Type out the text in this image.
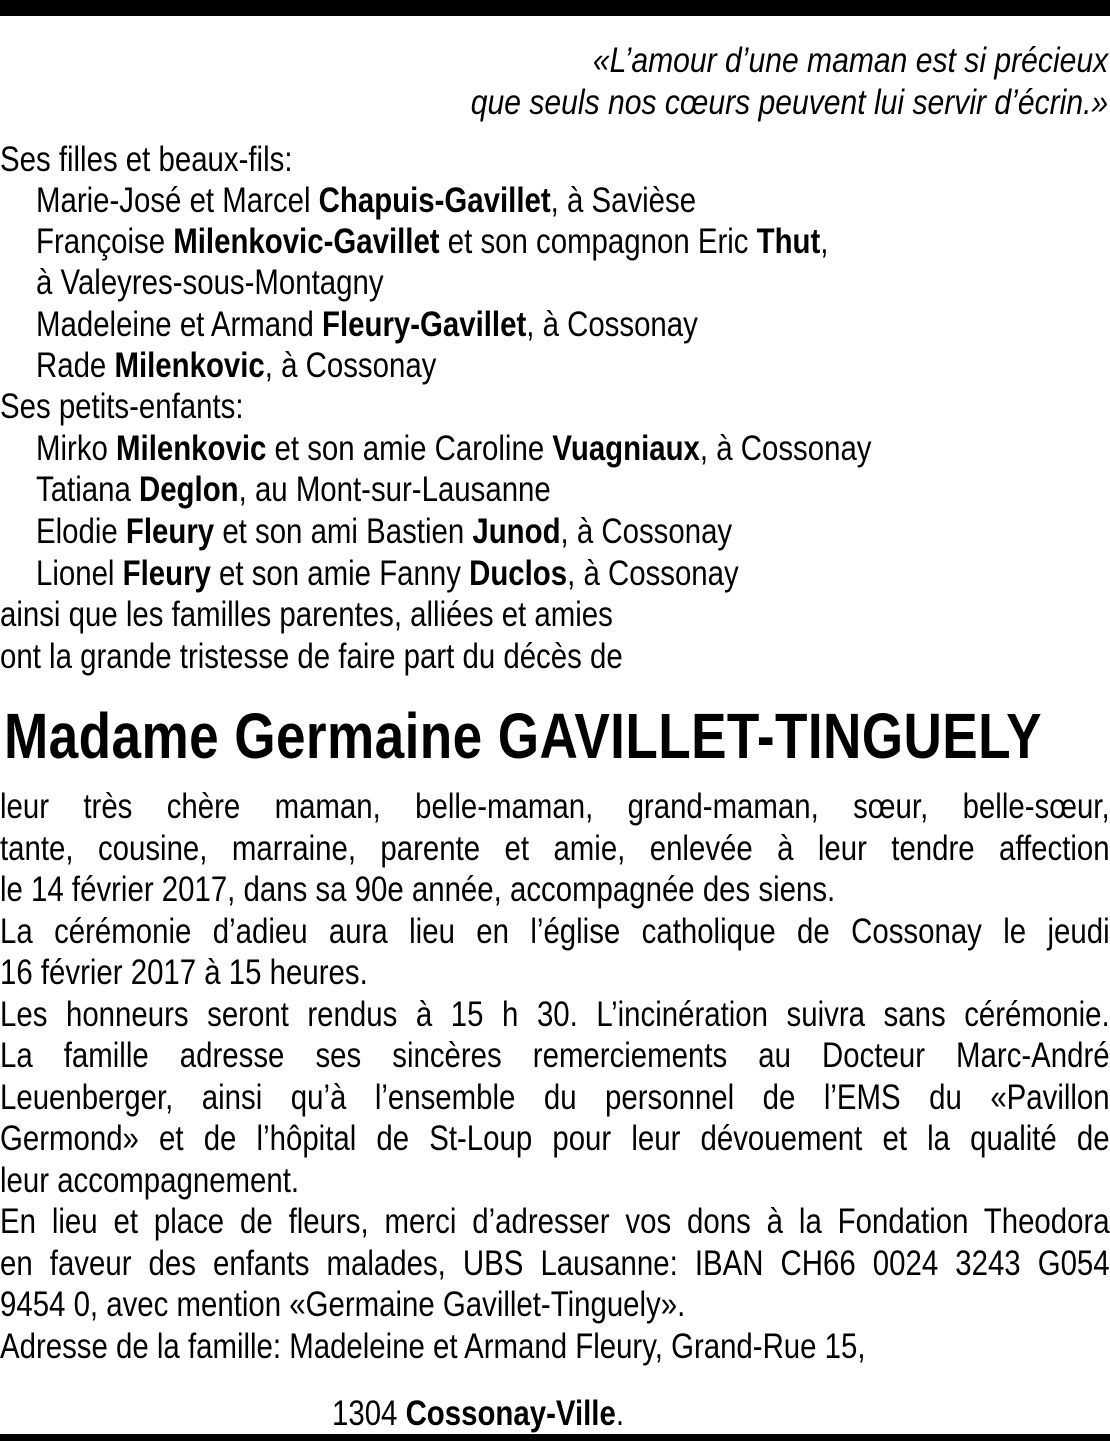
«L’amour d’une maman est si précieux
que seuls nos cœurs peuvent lui servir d’écrin.»
Ses filles et beaux-fils:
Marie-José et Marcel Chapuis-Gavillet, à Savièse
Françoise Milenkovic-Gavillet et son compagnon Eric Thut,
à Valeyres-sous-Montagny
Madeleine et Armand Fleury-Gavillet, à Cossonay
Rade Milenkovic, à Cossonay
Ses petits-enfants:
Mirko Milenkovic et son amie Caroline Vuagniaux, à Cossonay
Tatiana Deglon, au Mont-sur-Lausanne
Elodie Fleury et son ami Bastien Junod, à Cossonay
Lionel Fleury et son amie Fanny Duclos, à Cossonay
ainsi que les familles parentes, alliées et amies
ont la grande tristesse de faire part du décès de
Madame Germaine GAVILLET-TINGUELY
leur très chère maman, belle-maman, grand-maman, sœur, belle-sœur,
tante, cousine, marraine, parente et amie, enlevée à leur tendre affection
le 14 février 2017, dans sa 90e année, accompagnée des siens.
La cérémonie d’adieu aura lieu en l’église catholique de Cossonay le jeudi
16 février 2017 à 15 heures.
Les honneurs seront rendus à 15 h 30. L’incinération suivra sans cérémonie.
La famille adresse ses sincères remerciements au Docteur Marc-André
Leuenberger, ainsi qu’à l’ensemble du personnel de l’EMS du «Pavillon
Germond» et de l’hôpital de St-Loup pour leur dévouement et la qualité de
leur accompagnement.
En lieu et place de fleurs, merci d’adresser vos dons à la Fondation Theodora
en faveur des enfants malades, UBS Lausanne: IBAN CH66 0024 3243 G054
9454 0, avec mention «Germaine Gavillet-Tinguely».
Adresse de la famille: Madeleine et Armand Fleury, Grand-Rue 15,
1304 Cossonay-Ville.
